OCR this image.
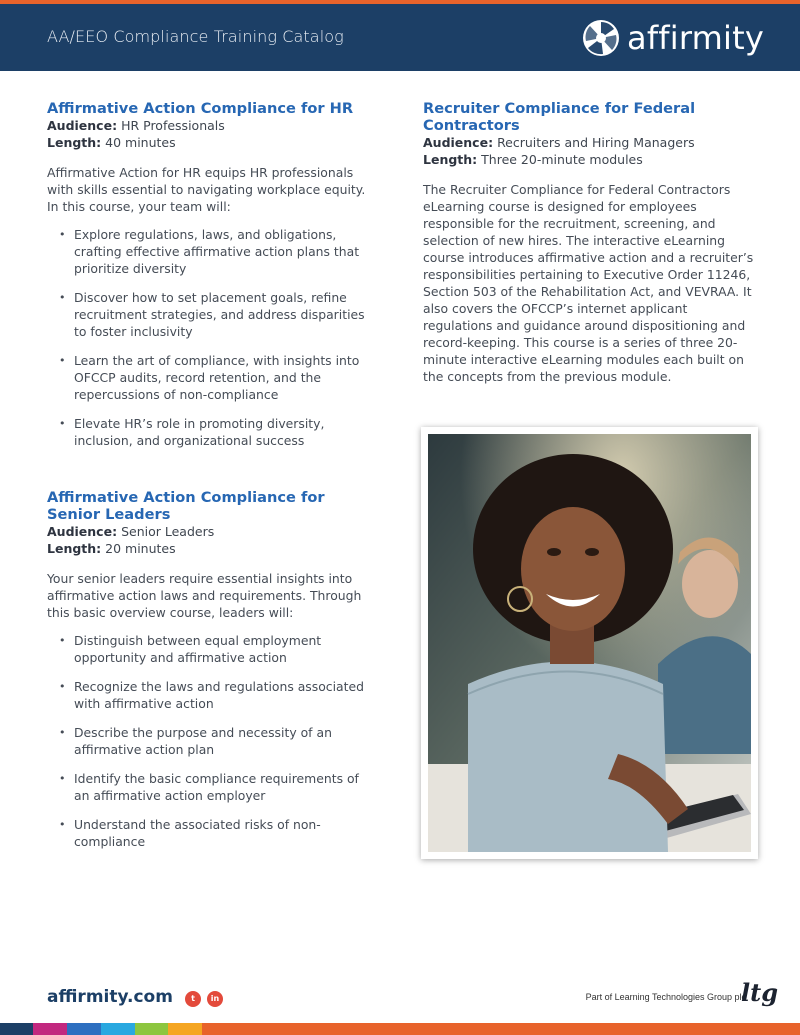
AA/EEO Compliance Training Catalog	affirmity
Affirmative Action Compliance for HR
Audience: HR Professionals
Length: 40 minutes

Affirmative Action for HR equips HR professionals with skills essential to navigating workplace equity. In this course, your team will:

• Explore regulations, laws, and obligations, crafting effective affirmative action plans that prioritize diversity
• Discover how to set placement goals, refine recruitment strategies, and address disparities to foster inclusivity
• Learn the art of compliance, with insights into OFCCP audits, record retention, and the repercussions of non-compliance
• Elevate HR’s role in promoting diversity, inclusion, and organizational success
Affirmative Action Compliance for Senior Leaders
Audience: Senior Leaders
Length: 20 minutes

Your senior leaders require essential insights into affirmative action laws and requirements. Through this basic overview course, leaders will:

• Distinguish between equal employment opportunity and affirmative action
• Recognize the laws and regulations associated with affirmative action
• Describe the purpose and necessity of an affirmative action plan
• Identify the basic compliance requirements of an affirmative action employer
• Understand the associated risks of non-compliance
Recruiter Compliance for Federal Contractors
Audience: Recruiters and Hiring Managers
Length: Three 20-minute modules

The Recruiter Compliance for Federal Contractors eLearning course is designed for employees responsible for the recruitment, screening, and selection of new hires. The interactive eLearning course introduces affirmative action and a recruiter’s responsibilities pertaining to Executive Order 11246, Section 503 of the Rehabilitation Act, and VEVRAA. It also covers the OFCCP’s internet applicant regulations and guidance around dispositioning and record-keeping. This course is a series of three 20-minute interactive eLearning modules each built on the concepts from the previous module.

affirmity.com	t	in	Part of Learning Technologies Group plc
ltg
